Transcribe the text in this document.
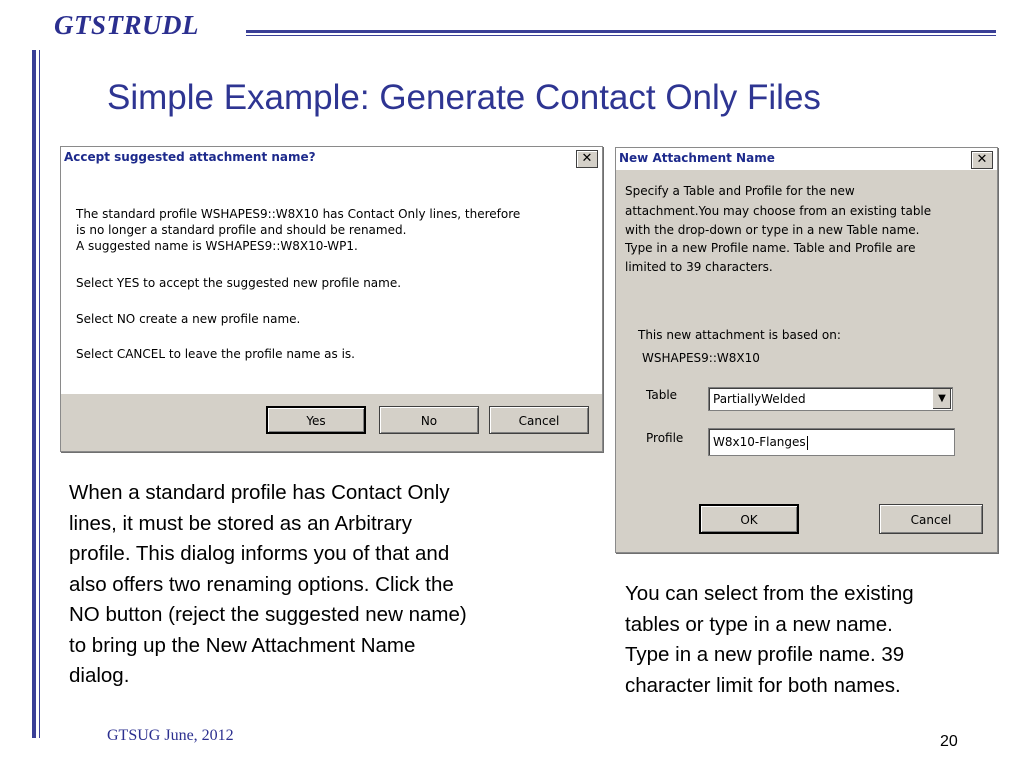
GTSTRUDL
Simple Example: Generate Contact Only Files
Accept suggested attachment name?	✕
The standard profile WSHAPES9::W8X10 has Contact Only lines, therefore
is no longer a standard profile and should be renamed.
A suggested name is WSHAPES9::W8X10-WP1.
Select YES to accept the suggested new profile name.
Select NO create a new profile name.
Select CANCEL to leave the profile name as is.
Yes	No	Cancel
New Attachment Name	✕
Specify a Table and Profile for the new
attachment.You may choose from an existing table
with the drop-down or type in a new Table name.
Type in a new Profile name. Table and Profile are
limited to 39 characters.
This new attachment is based on:
WSHAPES9::W8X10
Table	PartiallyWelded	▼
Profile	W8x10-Flanges
OK	Cancel
When a standard profile has Contact Only
lines, it must be stored as an Arbitrary
profile. This dialog informs you of that and
also offers two renaming options. Click the
NO button (reject the suggested new name)
to bring up the New Attachment Name
dialog.
You can select from the existing
tables or type in a new name.
Type in a new profile name. 39
character limit for both names.
GTSUG June, 2012	20
